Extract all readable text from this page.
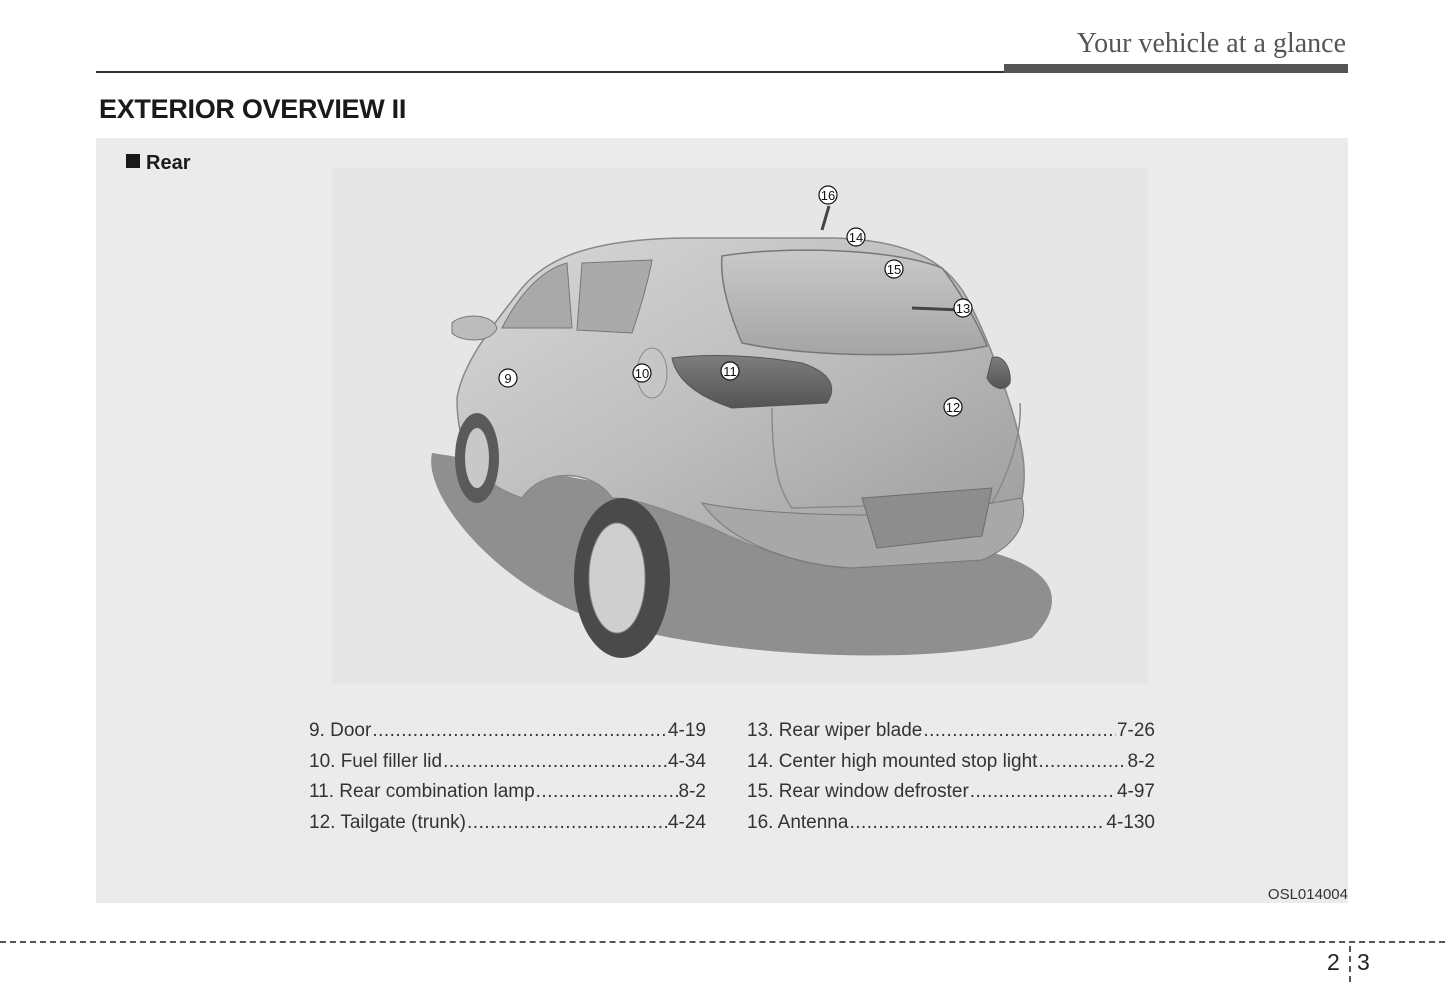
Your vehicle at a glance
EXTERIOR OVERVIEW II
Rear
16
14
15
13
11
10
9
12
9. Door .....	4-19
10. Fuel filler lid .....	4-34
11. Rear combination lamp .....	8-2
12. Tailgate (trunk) .....	4-24
13. Rear wiper blade .....	7-26
14. Center high mounted stop light .....	8-2
15. Rear window defroster .....	4-97
16. Antenna .....	4-130
OSL014004
2 3
